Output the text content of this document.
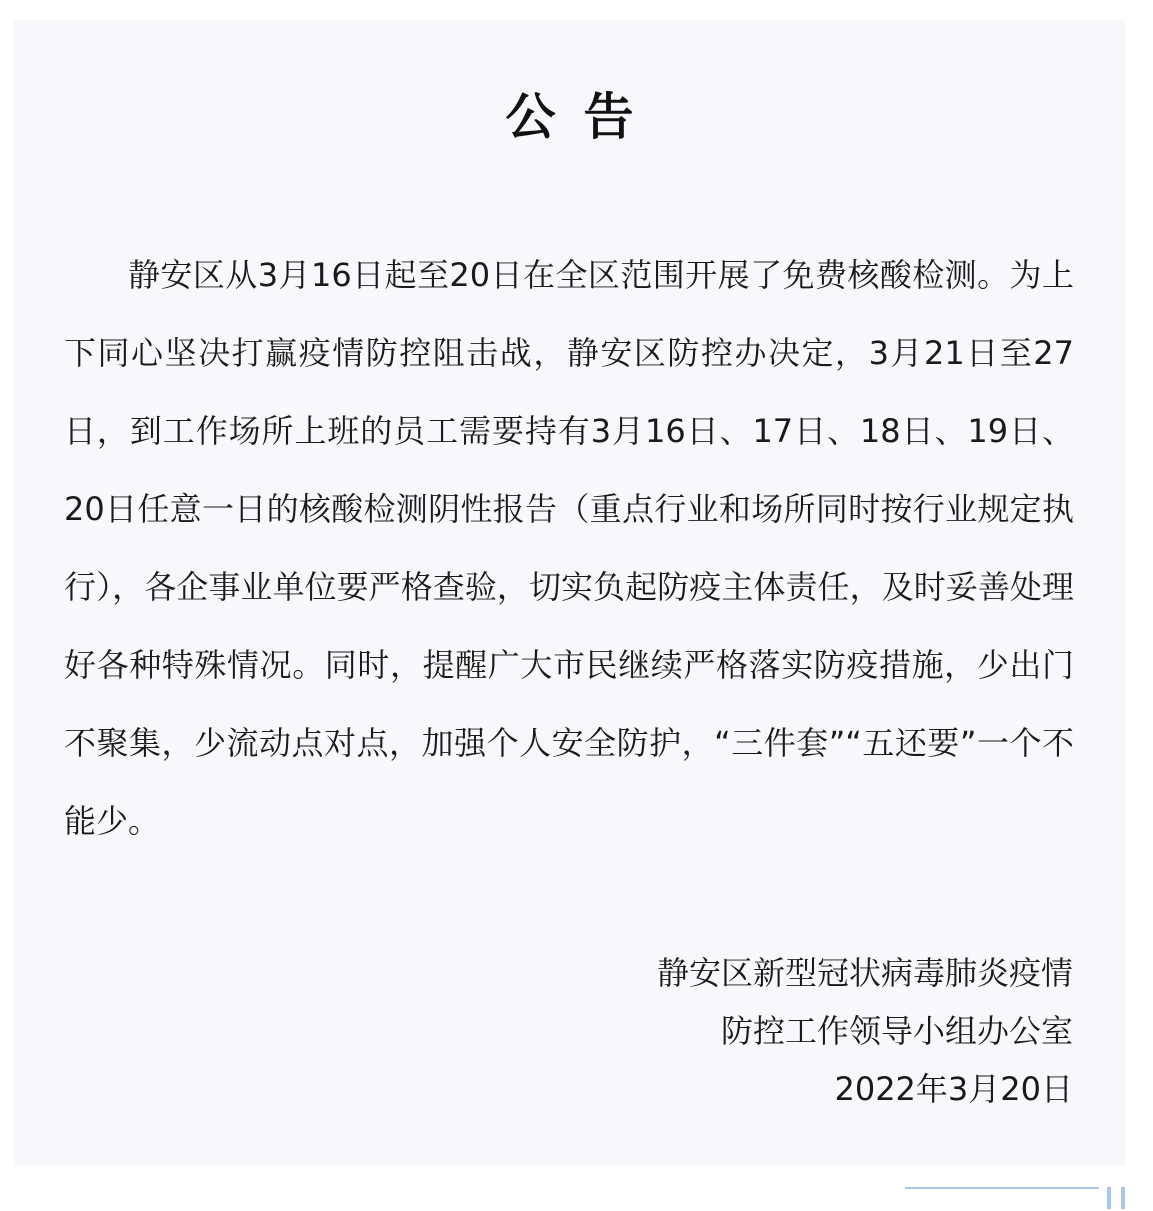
公告
静安区从3月16日起至20日在全区范围开展了免费核酸检测。为上下同心坚决打赢疫情防控阻击战，静安区防控办决定，3月21日至27日，到工作场所上班的员工需要持有3月16日、17日、18日、19日、20日任意一日的核酸检测阴性报告（重点行业和场所同时按行业规定执行），各企事业单位要严格查验，切实负起防疫主体责任，及时妥善处理好各种特殊情况。同时，提醒广大市民继续严格落实防疫措施，少出门不聚集，少流动点对点，加强个人安全防护，“三件套”“五还要”一个不能少。
静安区新型冠状病毒肺炎疫情
防控工作领导小组办公室
2022年3月20日
